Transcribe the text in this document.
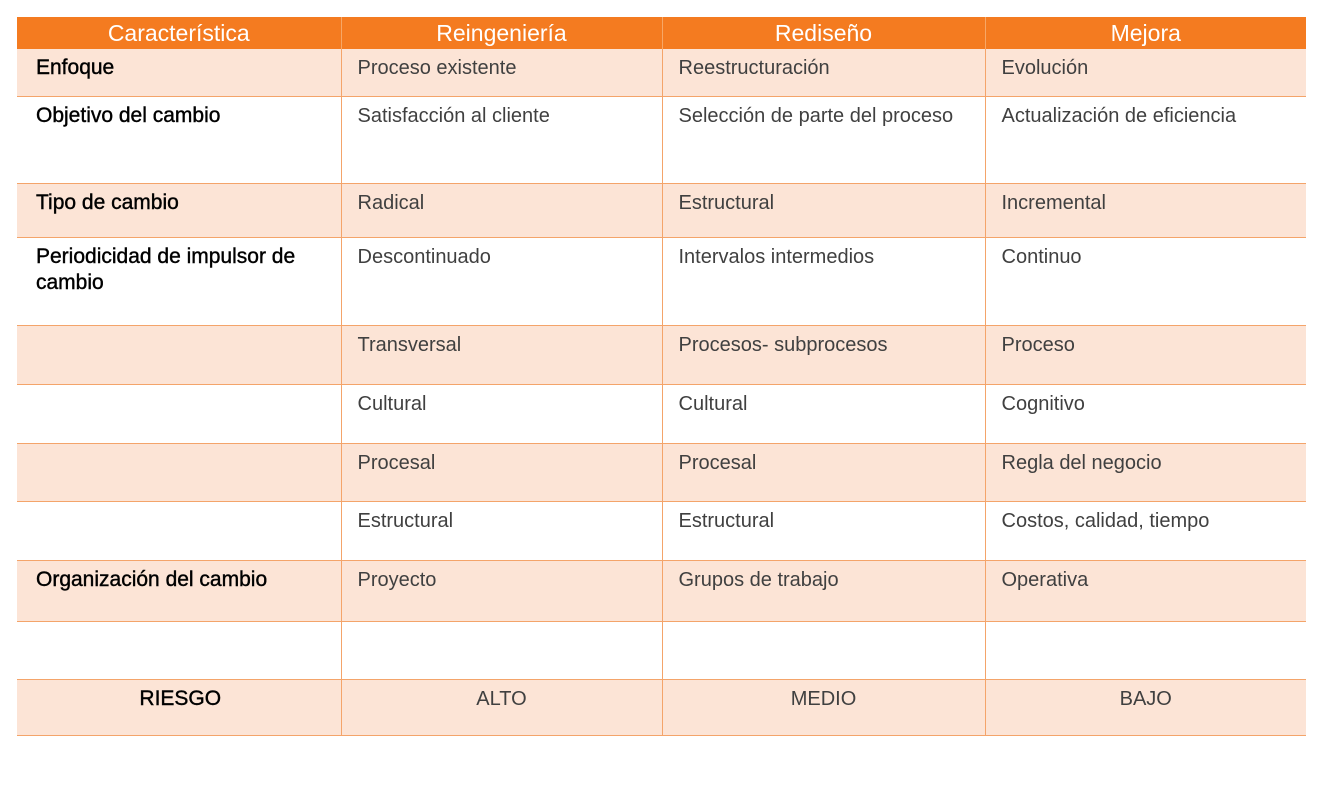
Característica	Reingeniería	Rediseño	Mejora
Enfoque	Proceso existente	Reestructuración	Evolución
Objetivo del cambio	Satisfacción al cliente	Selección de parte del proceso	Actualización de eficiencia
Tipo de cambio	Radical	Estructural	Incremental
Periodicidad de impulsor de cambio	Descontinuado	Intervalos intermedios	Continuo
	Transversal	Procesos- subprocesos	Proceso
	Cultural	Cultural	Cognitivo
	Procesal	Procesal	Regla del negocio
	Estructural	Estructural	Costos, calidad, tiempo
Organización del cambio	Proyecto	Grupos de trabajo	Operativa

RIESGO	ALTO	MEDIO	BAJO
